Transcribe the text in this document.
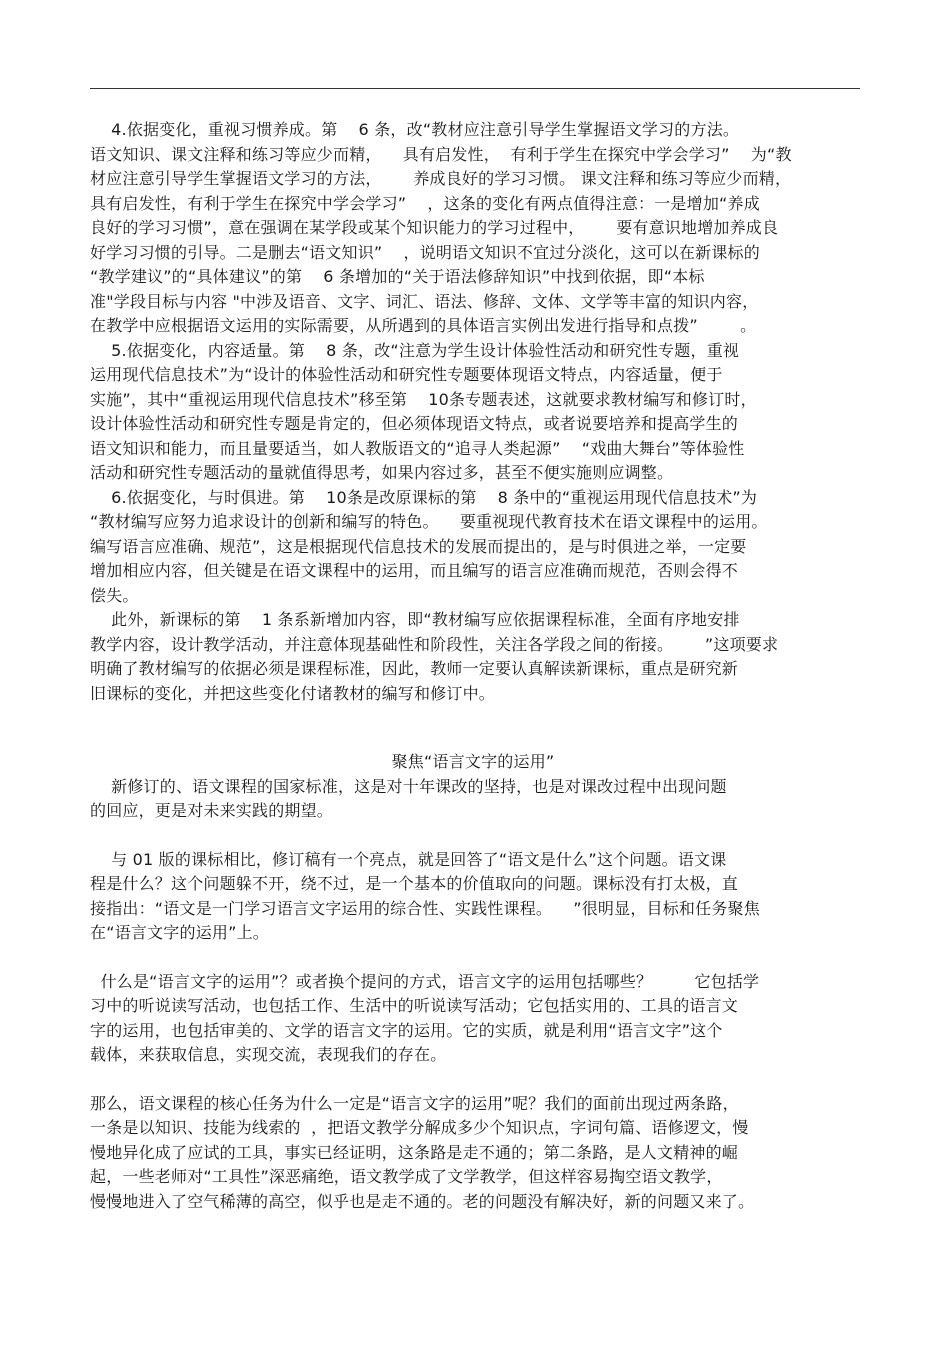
4.依据变化，重视习惯养成。第    6 条，改“教材应注意引导学生掌握语文学习的方法。
语文知识、课文注释和练习等应少而精，    具有启发性，  有利于学生在探究中学会学习”    为“教
材应注意引导学生掌握语文学习的方法，      养成良好的学习习惯。 课文注释和练习等应少而精，
具有启发性，有利于学生在探究中学会学习”    ，这条的变化有两点值得注意：一是增加“养成
良好的学习习惯”，意在强调在某学段或某个知识能力的学习过程中，      要有意识地增加养成良
好学习习惯的引导。二是删去“语文知识”    ，说明语文知识不宜过分淡化，这可以在新课标的
“教学建议”的“具体建议”的第    6 条增加的“关于语法修辞知识”中找到依据，即“本标
准"学段目标与内容 "中涉及语音、文字、词汇、语法、修辞、文体、文学等丰富的知识内容，
在教学中应根据语文运用的实际需要，从所遇到的具体语言实例出发进行指导和点拨”        。
5.依据变化，内容适量。第    8 条，改“注意为学生设计体验性活动和研究性专题，重视
运用现代信息技术”为“设计的体验性活动和研究性专题要体现语文特点，内容适量，便于
实施”，其中“重视运用现代信息技术”移至第    10条专题表述，这就要求教材编写和修订时，
设计体验性活动和研究性专题是肯定的，但必须体现语文特点，或者说要培养和提高学生的
语文知识和能力，而且量要适当，如人教版语文的“追寻人类起源”    “戏曲大舞台”等体验性
活动和研究性专题活动的量就值得思考，如果内容过多，甚至不便实施则应调整。
6.依据变化，与时俱进。第    10条是改原课标的第    8 条中的“重视运用现代信息技术”为
“教材编写应努力追求设计的创新和编写的特色。    要重视现代教育技术在语文课程中的运用。
编写语言应准确、规范”，这是根据现代信息技术的发展而提出的，是与时俱进之举，一定要
增加相应内容，但关键是在语文课程中的运用，而且编写的语言应准确而规范，否则会得不
偿失。
此外，新课标的第    1 条系新增加内容，即“教材编写应依据课程标准，全面有序地安排
教学内容，设计教学活动，并注意体现基础性和阶段性，关注各学段之间的衔接。      ”这项要求
明确了教材编写的依据必须是课程标准，因此，教师一定要认真解读新课标，重点是研究新
旧课标的变化，并把这些变化付诸教材的编写和修订中。
聚焦“语言文字的运用”
新修订的、语文课程的国家标准，这是对十年课改的坚持，也是对课改过程中出现问题
的回应，更是对未来实践的期望。
与 01 版的课标相比，修订稿有一个亮点，就是回答了“语文是什么”这个问题。语文课
程是什么？这个问题躲不开，绕不过，是一个基本的价值取向的问题。课标没有打太极，直
接指出：“语文是一门学习语言文字运用的综合性、实践性课程。    ”很明显，目标和任务聚焦
在“语言文字的运用”上。
什么是“语言文字的运用”？或者换个提问的方式，语言文字的运用包括哪些？        它包括学
习中的听说读写活动，也包括工作、生活中的听说读写活动；它包括实用的、工具的语言文
字的运用，也包括审美的、文学的语言文字的运用。它的实质，就是利用“语言文字”这个
载体，来获取信息，实现交流，表现我们的存在。
那么，语文课程的核心任务为什么一定是“语言文字的运用”呢？我们的面前出现过两条路，
一条是以知识、技能为线索的  ，把语文教学分解成多少个知识点，字词句篇、语修逻文，慢
慢地异化成了应试的工具，事实已经证明，这条路是走不通的；第二条路，是人文精神的崛
起，一些老师对“工具性”深恶痛绝，语文教学成了文学教学，但这样容易掏空语文教学，
慢慢地进入了空气稀薄的高空，似乎也是走不通的。老的问题没有解决好，新的问题又来了。
